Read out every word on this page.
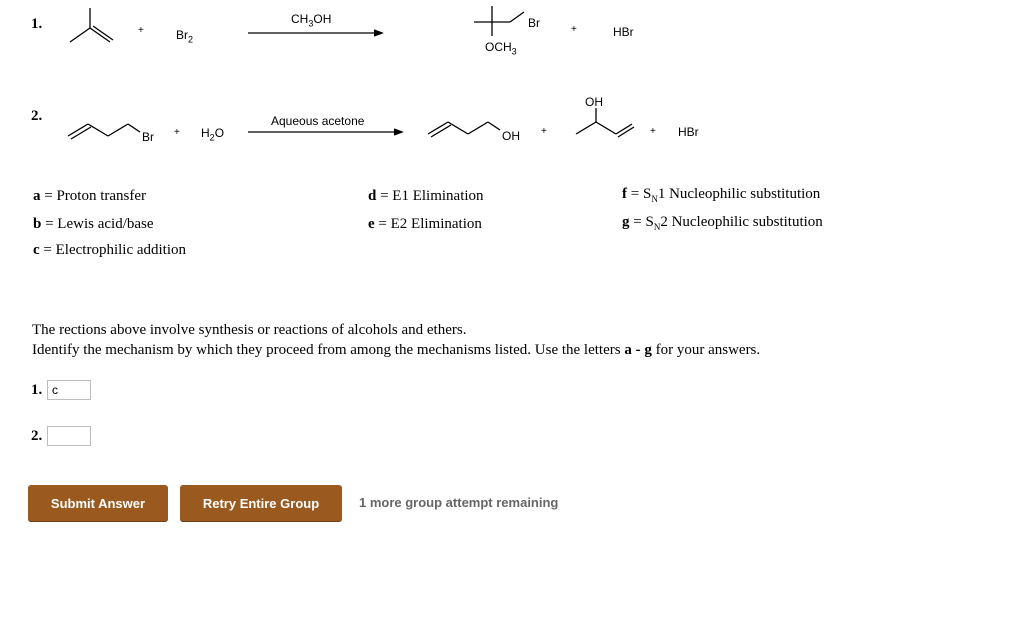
1.	+	$Br_2$
$CH_3OH$	Br
$OCH_3$
+	HBr
2.
$Br + H_2O$
Aqueous acetone
OH +
OH
+ HBr
a = Proton transfer
b = Lewis acid/base
c = Electrophilic addition
d = E1 Elimination
e = E2 Elimination
$f = S_N1$ Nucleophilic substitution
$g = S_N2$ Nucleophilic substitution
The rections above involve synthesis or reactions of alcohols and ethers.
Identify the mechanism by which they proceed from among the mechanisms listed. Use the letters a - g for your answers.
1.
c
2.
Submit Answer	Retry Entire Group	1 more group attempt remaining
